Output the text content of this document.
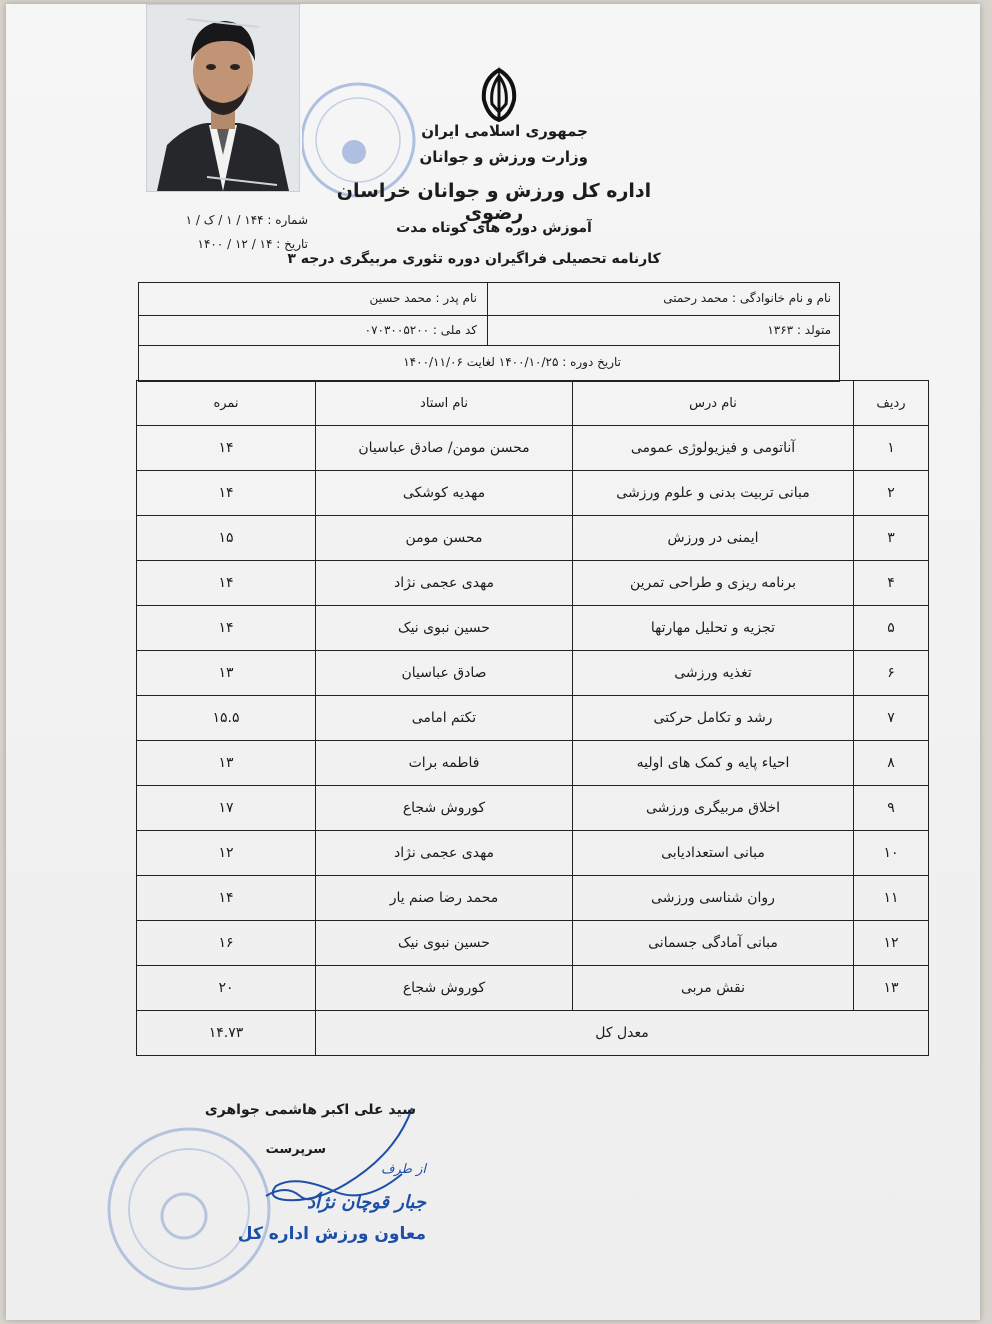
جمهوری اسلامی ایران
وزارت ورزش و جوانان
اداره کل ورزش و جوانان خراسان رضوی
آموزش دوره های کوتاه مدت
کارنامه تحصیلی فراگیران دوره تئوری مربیگری درجه ۳
شماره : ۱۴۴ / ۱ / ک / ۱
تاریخ : ۱۴ / ۱۲ / ۱۴۰۰
نام و نام خانوادگی : محمد رحمتی
نام پدر : محمد حسین
متولد : ۱۳۶۳
کد ملی : ۰۷۰۳۰۰۵۲۰۰
تاریخ دوره : ۱۴۰۰/۱۰/۲۵ لغایت ۱۴۰۰/۱۱/۰۶
ردیف	نام درس	نام استاد	نمره
۱	آناتومی و فیزیولوژی عمومی	محسن مومن/ صادق عباسیان	۱۴
۲	مبانی تربیت بدنی و علوم ورزشی	مهدیه کوشکی	۱۴
۳	ایمنی در ورزش	محسن مومن	۱۵
۴	برنامه ریزی و طراحی تمرین	مهدی عجمی نژاد	۱۴
۵	تجزیه و تحلیل مهارتها	حسین نبوی نیک	۱۴
۶	تغذیه ورزشی	صادق عباسیان	۱۳
۷	رشد و تکامل حرکتی	تکتم امامی	۱۵.۵
۸	احیاء پایه و کمک های اولیه	فاطمه برات	۱۳
۹	اخلاق مربیگری ورزشی	کوروش شجاع	۱۷
۱۰	مبانی استعدادیابی	مهدی عجمی نژاد	۱۲
۱۱	روان شناسی ورزشی	محمد رضا صنم یار	۱۴
۱۲	مبانی آمادگی جسمانی	حسین نبوی نیک	۱۶
۱۳	نقش مربی	کوروش شجاع	۲۰
معدل کل			۱۴.۷۳
سید علی اکبر هاشمی جواهری
سرپرست
از طرف
جبار قوچان نژاد
معاون ورزش اداره کل
